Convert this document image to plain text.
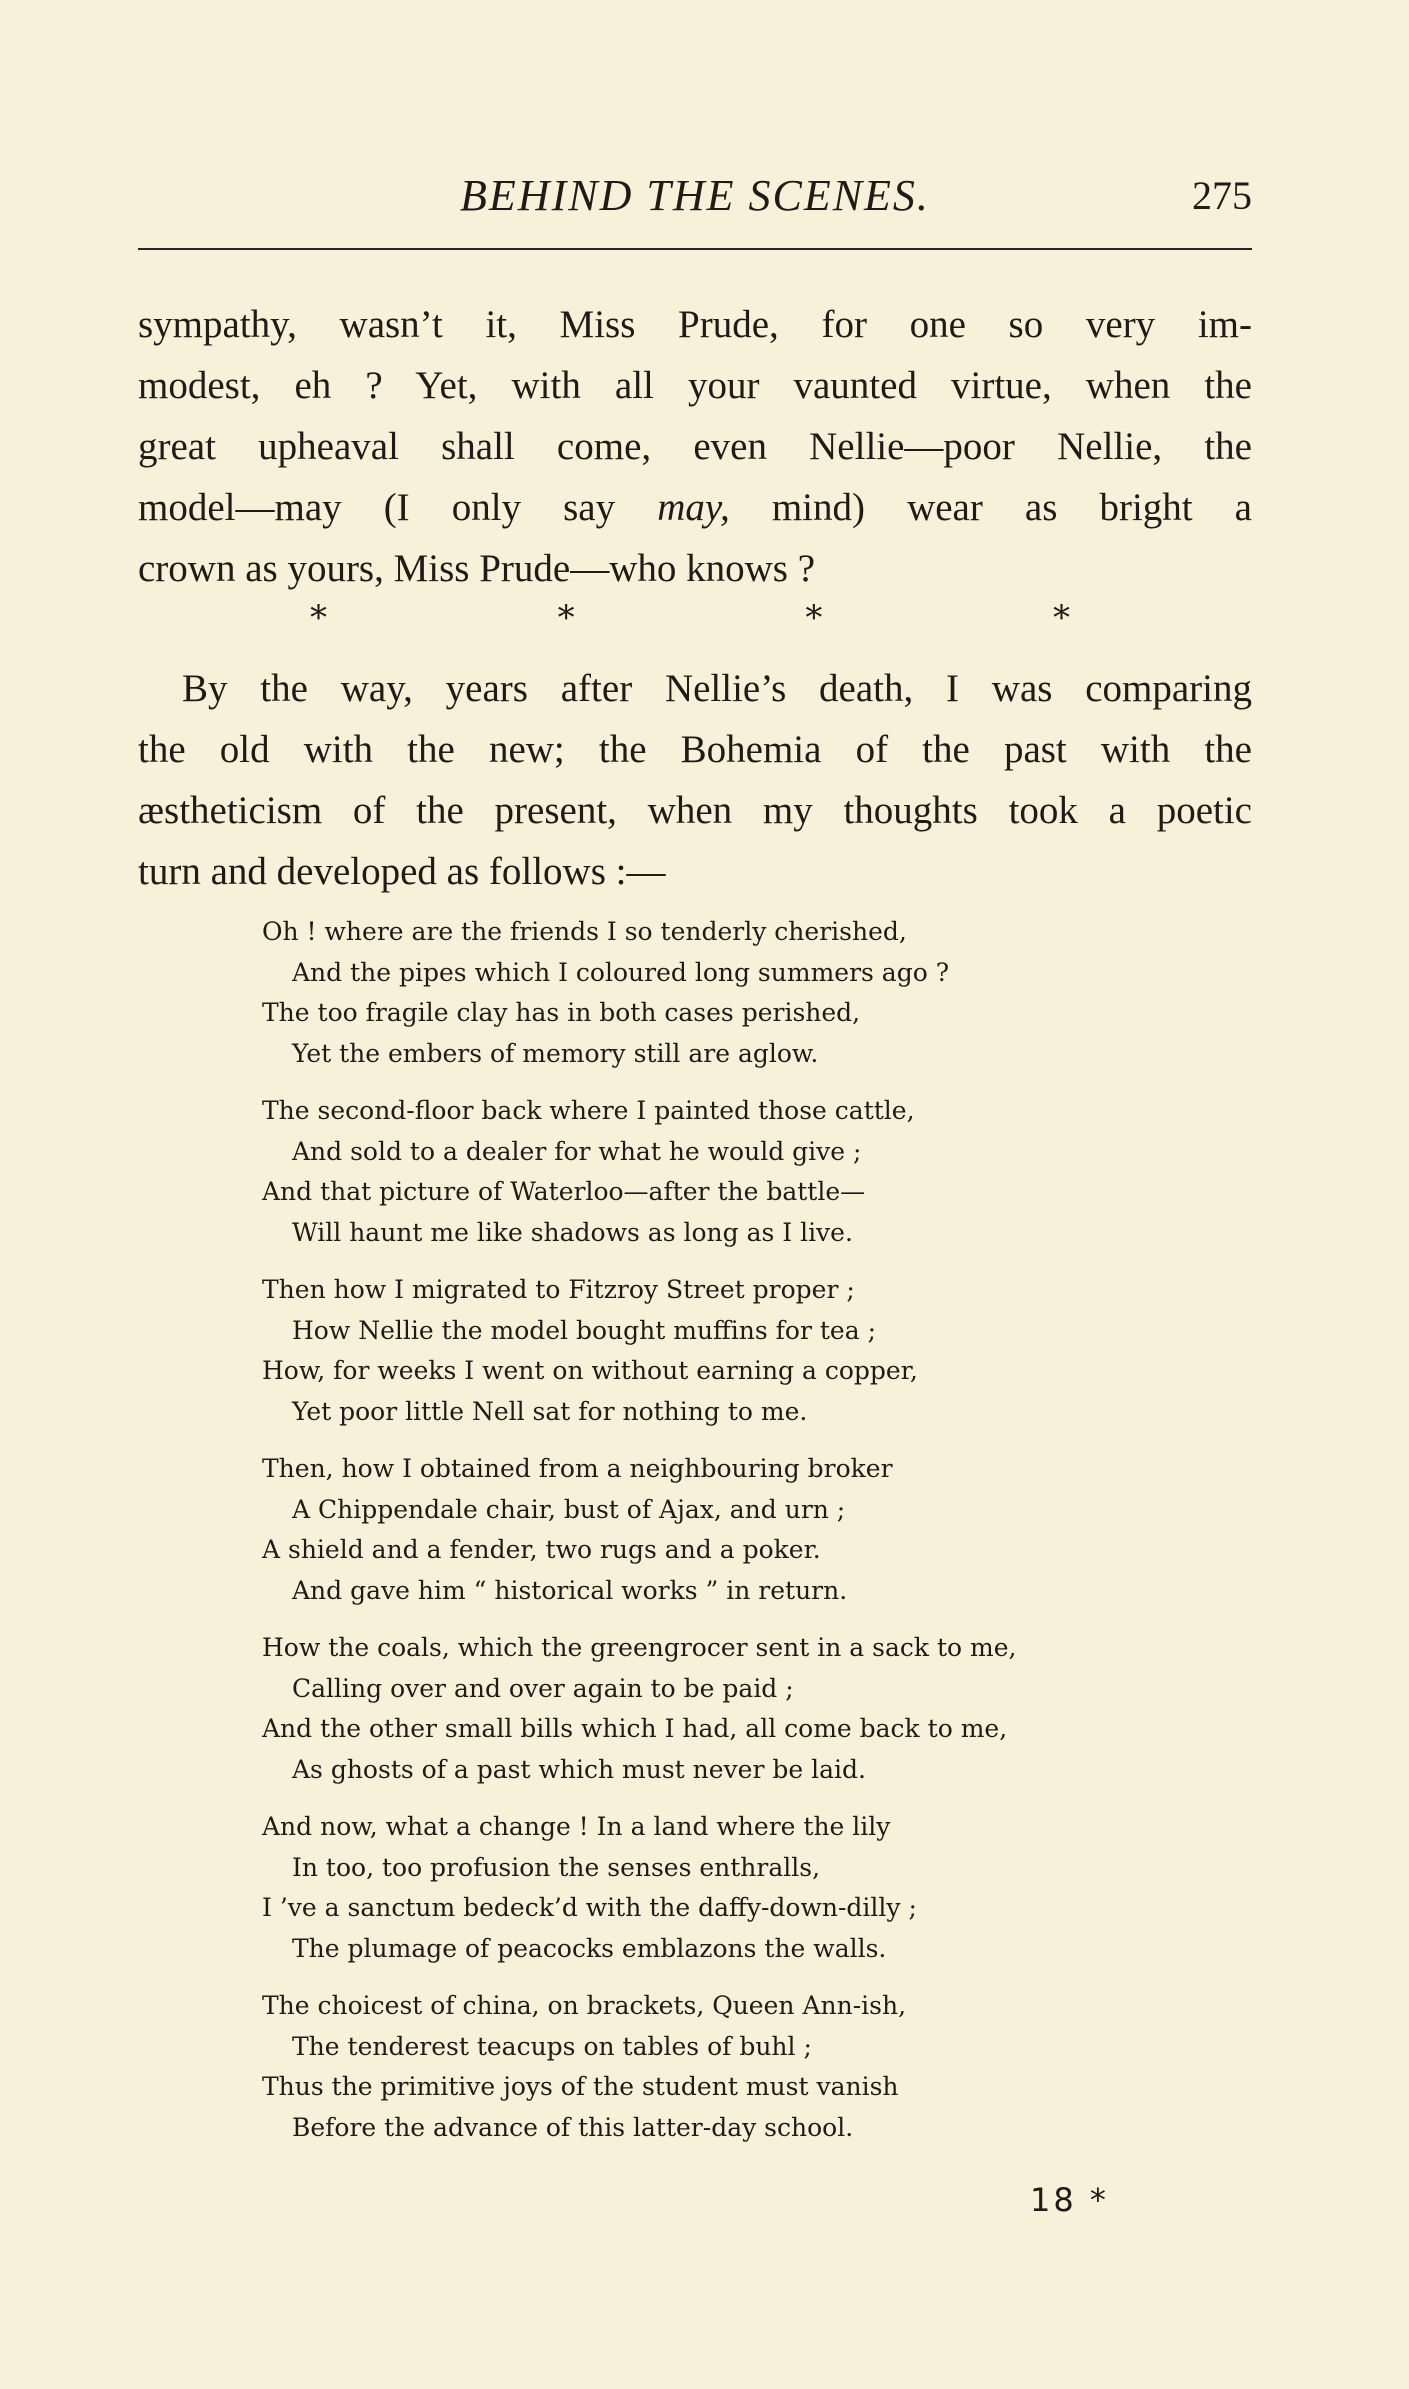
BEHIND THE SCENES.	275
sympathy, wasn’t it, Miss Prude, for one so very im-
modest, eh ? Yet, with all your vaunted virtue, when the
great upheaval shall come, even Nellie—poor Nellie, the
model—may (I only say may, mind) wear as bright a
crown as yours, Miss Prude—who knows ?
*	*	*	*
By the way, years after Nellie’s death, I was comparing
the old with the new; the Bohemia of the past with the
æstheticism of the present, when my thoughts took a poetic
turn and developed as follows :—
Oh ! where are the friends I so tenderly cherished,
And the pipes which I coloured long summers ago ?
The too fragile clay has in both cases perished,
Yet the embers of memory still are aglow.
The second-floor back where I painted those cattle,
And sold to a dealer for what he would give ;
And that picture of Waterloo—after the battle—
Will haunt me like shadows as long as I live.
Then how I migrated to Fitzroy Street proper ;
How Nellie the model bought muffins for tea ;
How, for weeks I went on without earning a copper,
Yet poor little Nell sat for nothing to me.
Then, how I obtained from a neighbouring broker
A Chippendale chair, bust of Ajax, and urn ;
A shield and a fender, two rugs and a poker.
And gave him “ historical works ” in return.
How the coals, which the greengrocer sent in a sack to me,
Calling over and over again to be paid ;
And the other small bills which I had, all come back to me,
As ghosts of a past which must never be laid.
And now, what a change ! In a land where the lily
In too, too profusion the senses enthralls,
I ’ve a sanctum bedeck’d with the daffy-down-dilly ;
The plumage of peacocks emblazons the walls.
The choicest of china, on brackets, Queen Ann-ish,
The tenderest teacups on tables of buhl ;
Thus the primitive joys of the student must vanish
Before the advance of this latter-day school.
18 *
